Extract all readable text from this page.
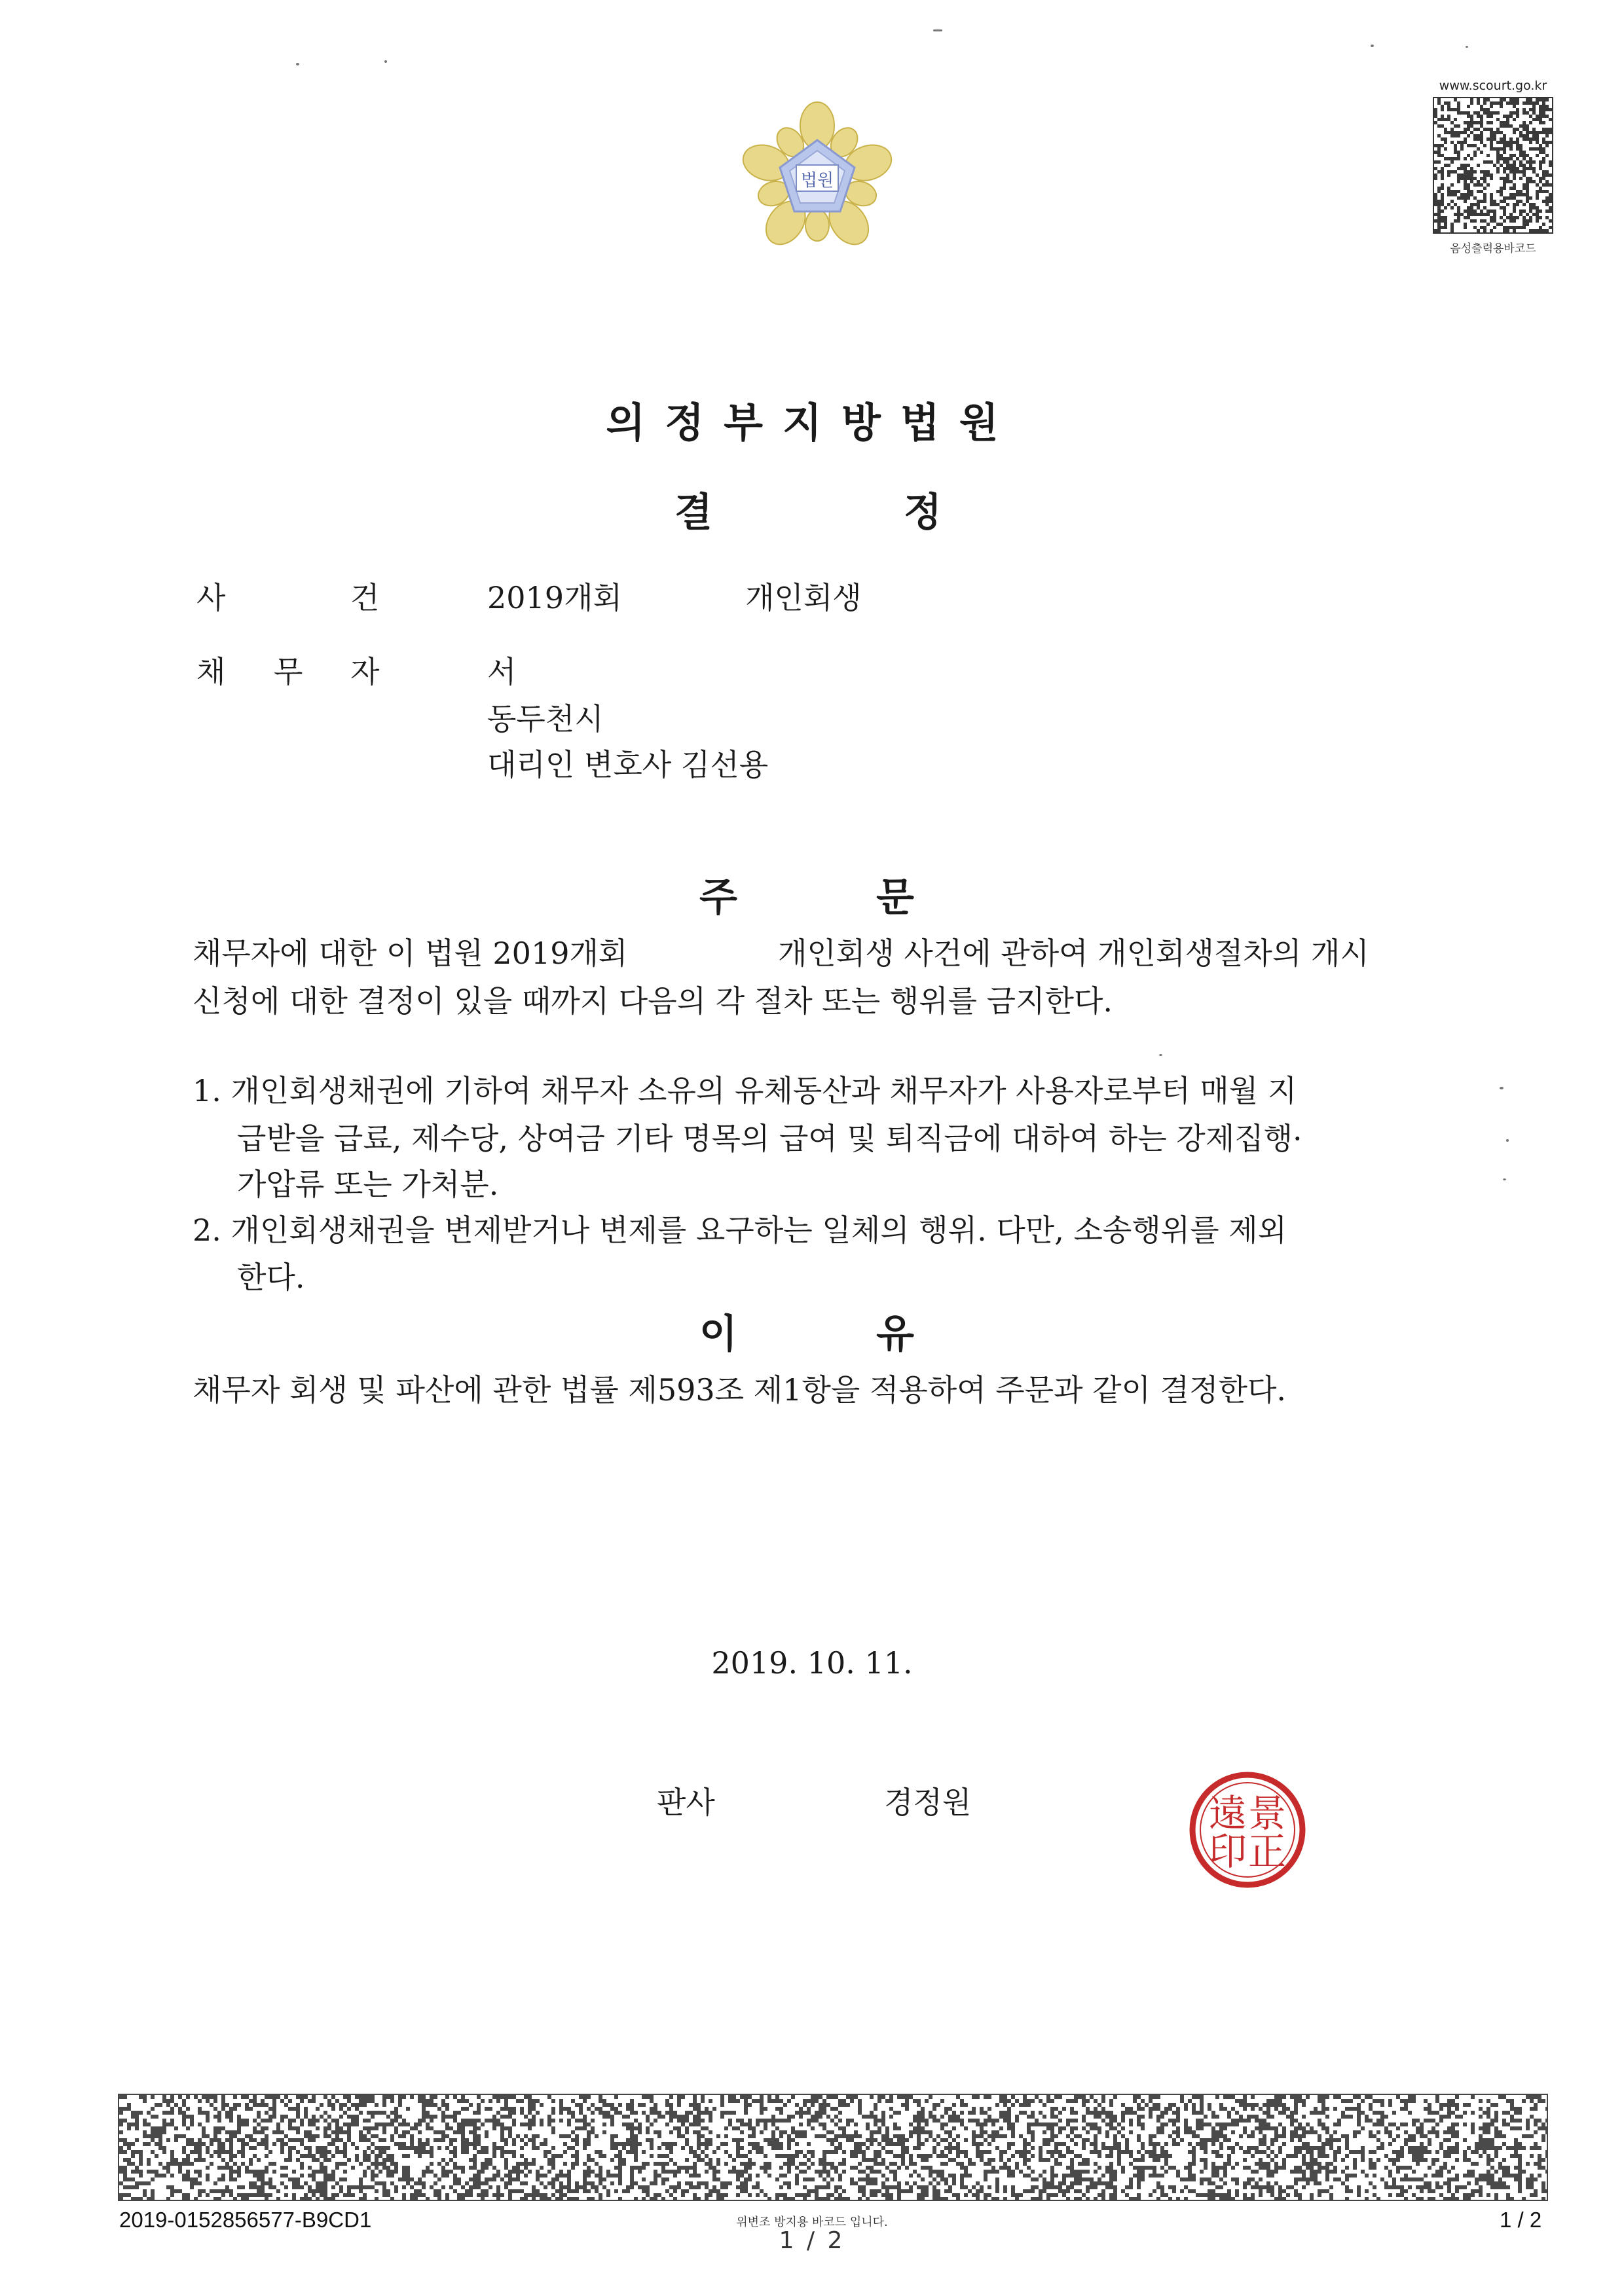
법원
www.scourt.go.kr
음성출력용바코드
의정부지방법원
결	정
사	건	2019개회	개인회생
채 무 자	서
동두천시
대리인 변호사 김선용
주	문
채무자에 대한 이 법원 2019개회	개인회생 사건에 관하여 개인회생절차의 개시
신청에 대한 결정이 있을 때까지 다음의 각 절차 또는 행위를 금지한다.
1. 개인회생채권에 기하여 채무자 소유의 유체동산과 채무자가 사용자로부터 매월 지
급받을 급료, 제수당, 상여금 기타 명목의 급여 및 퇴직금에 대하여 하는 강제집행·
가압류 또는 가처분.
2. 개인회생채권을 변제받거나 변제를 요구하는 일체의 행위. 다만, 소송행위를 제외
한다.
이	유
채무자 회생 및 파산에 관한 법률 제593조 제1항을 적용하여 주문과 같이 결정한다.
2019. 10. 11.
판사	경정원	景
正
遠
印
2019-0152856577-B9CD1	위변조 방지용 바코드 입니다.
1 / 2
1 / 2
